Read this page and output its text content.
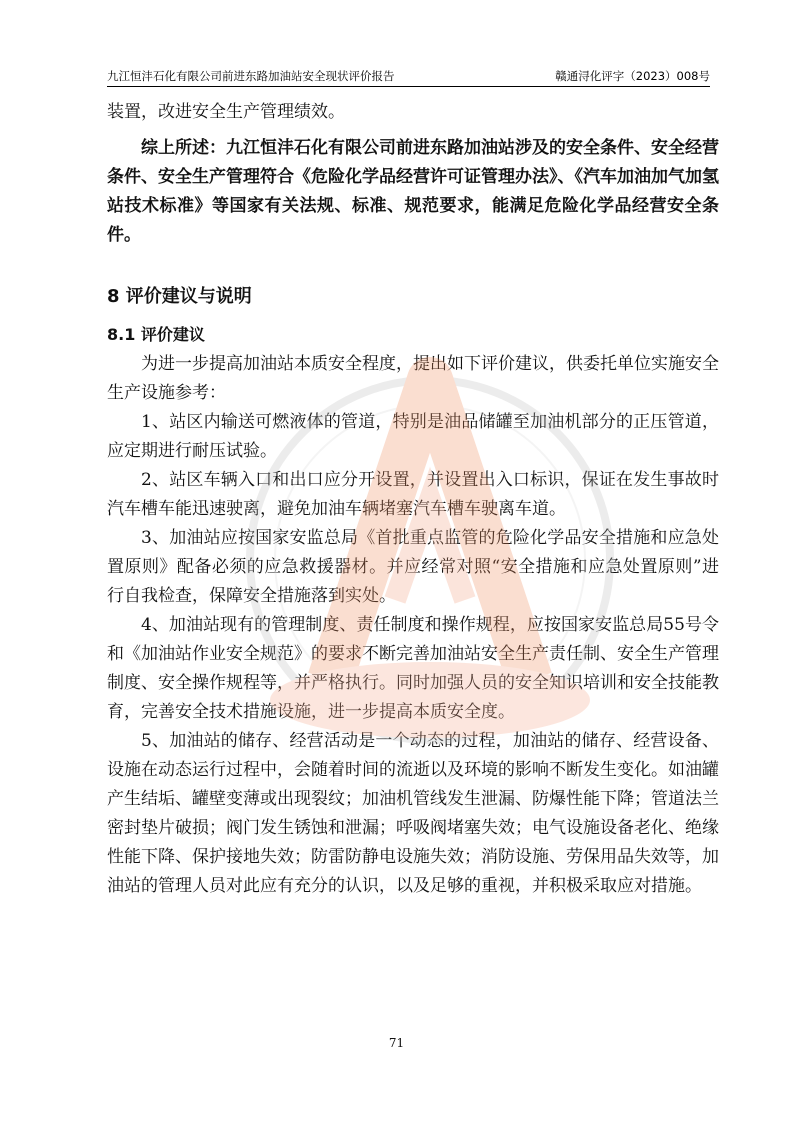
九江恒沣石化有限公司前进东路加油站安全现状评价报告	赣通浔化评字（2023）008号

装置，改进安全生产管理绩效。

综上所述：九江恒沣石化有限公司前进东路加油站涉及的安全条件、安全经营条件、安全生产管理符合《危险化学品经营许可证管理办法》、《汽车加油加气加氢站技术标准》等国家有关法规、标准、规范要求，能满足危险化学品经营安全条件。

8 评价建议与说明
8.1 评价建议

为进一步提高加油站本质安全程度，提出如下评价建议，供委托单位实施安全生产设施参考：

1、站区内输送可燃液体的管道，特别是油品储罐至加油机部分的正压管道，应定期进行耐压试验。

2、站区车辆入口和出口应分开设置，并设置出入口标识，保证在发生事故时汽车槽车能迅速驶离，避免加油车辆堵塞汽车槽车驶离车道。

3、加油站应按国家安监总局《首批重点监管的危险化学品安全措施和应急处置原则》配备必须的应急救援器材。并应经常对照“安全措施和应急处置原则”进行自我检查，保障安全措施落到实处。

4、加油站现有的管理制度、责任制度和操作规程，应按国家安监总局55号令和《加油站作业安全规范》的要求不断完善加油站安全生产责任制、安全生产管理制度、安全操作规程等，并严格执行。同时加强人员的安全知识培训和安全技能教育，完善安全技术措施设施，进一步提高本质安全度。

5、加油站的储存、经营活动是一个动态的过程，加油站的储存、经营设备、设施在动态运行过程中，会随着时间的流逝以及环境的影响不断发生变化。如油罐产生结垢、罐壁变薄或出现裂纹；加油机管线发生泄漏、防爆性能下降；管道法兰密封垫片破损；阀门发生锈蚀和泄漏；呼吸阀堵塞失效；电气设施设备老化、绝缘性能下降、保护接地失效；防雷防静电设施失效；消防设施、劳保用品失效等，加油站的管理人员对此应有充分的认识，以及足够的重视，并积极采取应对措施。

71
